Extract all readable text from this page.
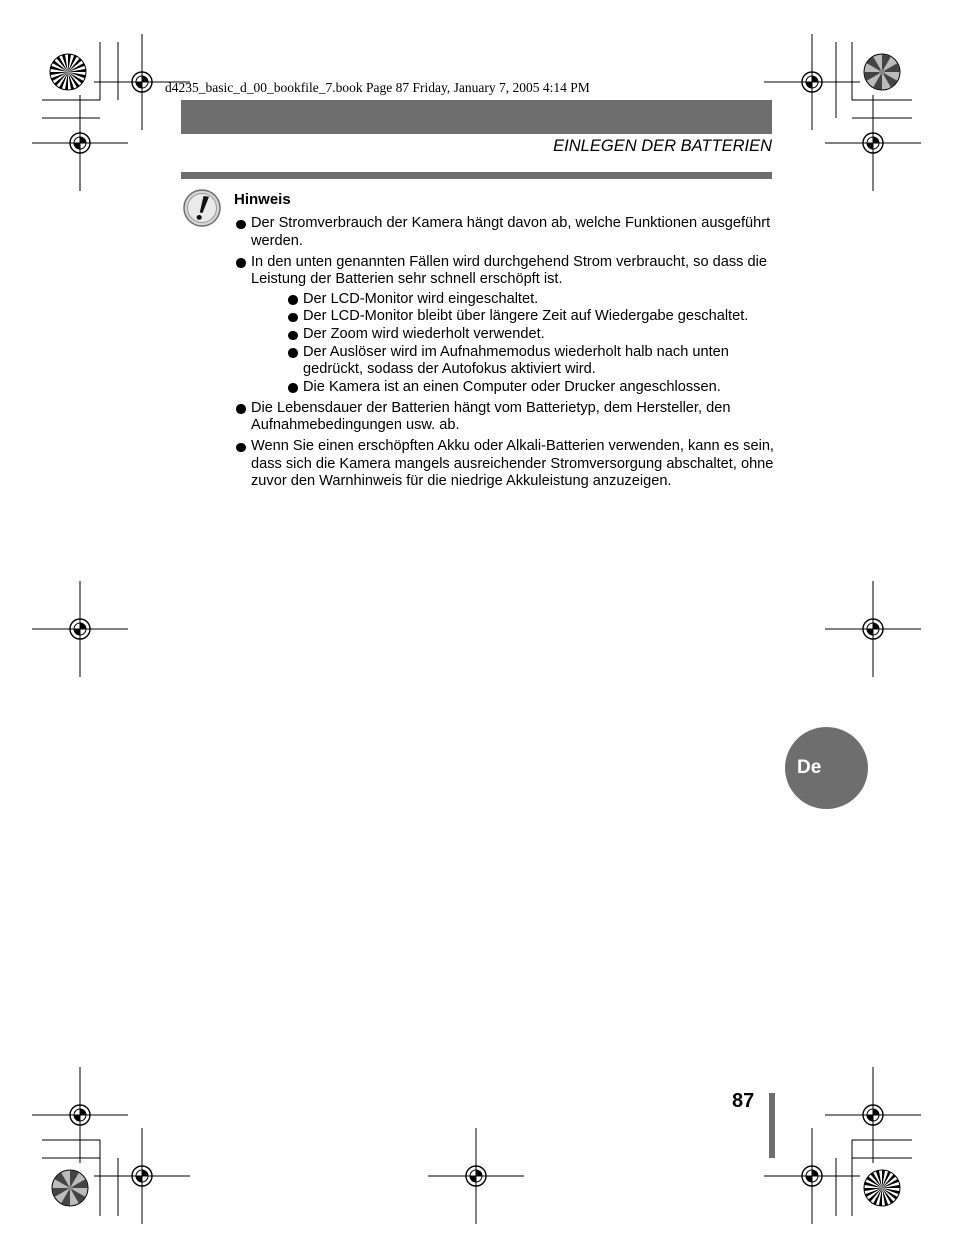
d4235_basic_d_00_bookfile_7.book Page 87 Friday, January 7, 2005 4:14 PM
EINLEGEN DER BATTERIEN
Hinweis
Der Stromverbrauch der Kamera hängt davon ab, welche Funktionen ausgeführt werden.
In den unten genannten Fällen wird durchgehend Strom verbraucht, so dass die Leistung der Batterien sehr schnell erschöpft ist.
Der LCD-Monitor wird eingeschaltet.
Der LCD-Monitor bleibt über längere Zeit auf Wiedergabe geschaltet.
Der Zoom wird wiederholt verwendet.
Der Auslöser wird im Aufnahmemodus wiederholt halb nach unten gedrückt, sodass der Autofokus aktiviert wird.
Die Kamera ist an einen Computer oder Drucker angeschlossen.
Die Lebensdauer der Batterien hängt vom Batterietyp, dem Hersteller, den Aufnahmebedingungen usw. ab.
Wenn Sie einen erschöpften Akku oder Alkali-Batterien verwenden, kann es sein, dass sich die Kamera mangels ausreichender Stromversorgung abschaltet, ohne zuvor den Warnhinweis für die niedrige Akkuleistung anzuzeigen.
De
87
